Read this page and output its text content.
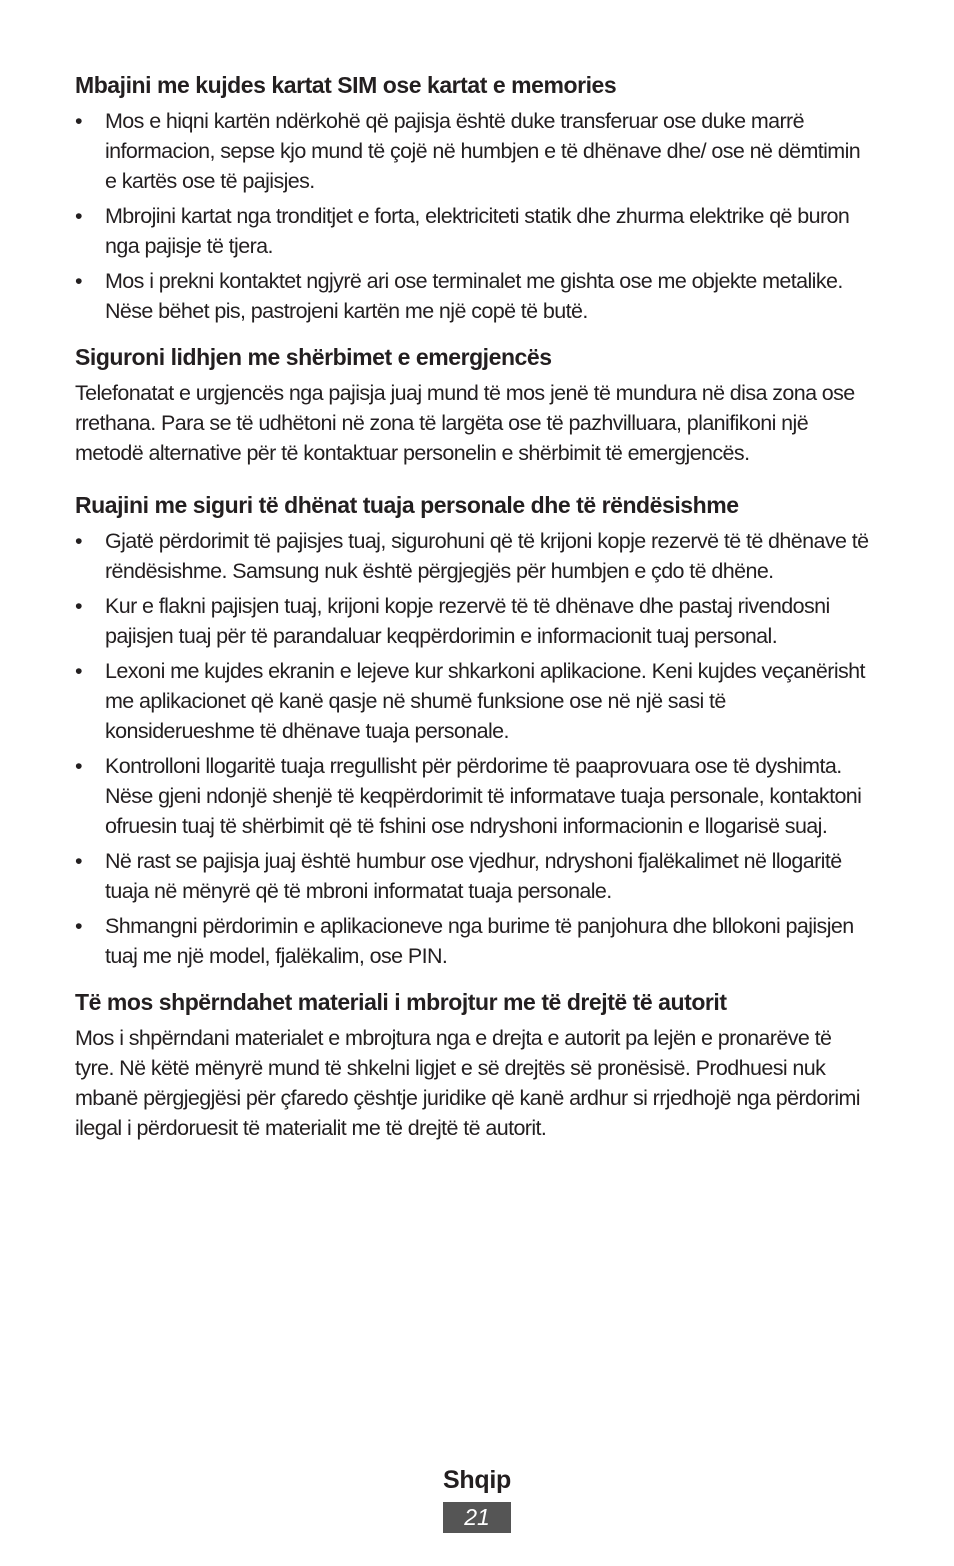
Mbajini me kujdes kartat SIM ose kartat e memories
•	Mos e hiqni kartën ndërkohë që pajisja është duke transferuar ose duke marrë informacion, sepse kjo mund të çojë në humbjen e të dhënave dhe/ ose në dëmtimin e kartës ose të pajisjes.
•	Mbrojini kartat nga tronditjet e forta, elektriciteti statik dhe zhurma elektrike që buron nga pajisje të tjera.
•	Mos i prekni kontaktet ngjyrë ari ose terminalet me gishta ose me objekte metalike. Nëse bëhet pis, pastrojeni kartën me një copë të butë.
Siguroni lidhjen me shërbimet e emergjencës

Telefonatat e urgjencës nga pajisja juaj mund të mos jenë të mundura në disa zona ose rrethana. Para se të udhëtoni në zona të largëta ose të pazhvilluara, planifikoni një metodë alternative për të kontaktuar personelin e shërbimit të emergjencës.

Ruajini me siguri të dhënat tuaja personale dhe të rëndësishme
•	Gjatë përdorimit të pajisjes tuaj, sigurohuni që të krijoni kopje rezervë të të dhënave të rëndësishme. Samsung nuk është përgjegjës për humbjen e çdo të dhëne.
•	Kur e flakni pajisjen tuaj, krijoni kopje rezervë të të dhënave dhe pastaj rivendosni pajisjen tuaj për të parandaluar keqpërdorimin e informacionit tuaj personal.
•	Lexoni me kujdes ekranin e lejeve kur shkarkoni aplikacione. Keni kujdes veçanërisht me aplikacionet që kanë qasje në shumë funksione ose në një sasi të konsiderueshme të dhënave tuaja personale.
•	Kontrolloni llogaritë tuaja rregullisht për përdorime të paaprovuara ose të dyshimta. Nëse gjeni ndonjë shenjë të keqpërdorimit të informatave tuaja personale, kontaktoni ofruesin tuaj të shërbimit që të fshini ose ndryshoni informacionin e llogarisë suaj.
•	Në rast se pajisja juaj është humbur ose vjedhur, ndryshoni fjalëkalimet në llogaritë tuaja në mënyrë që të mbroni informatat tuaja personale.
•	Shmangni përdorimin e aplikacioneve nga burime të panjohura dhe bllokoni pajisjen tuaj me një model, fjalëkalim, ose PIN.
Të mos shpërndahet materiali i mbrojtur me të drejtë të autorit

Mos i shpërndani materialet e mbrojtura nga e drejta e autorit pa lejën e pronarëve të tyre. Në këtë mënyrë mund të shkelni ligjet e së drejtës së pronësisë. Prodhuesi nuk mbanë përgjegjësi për çfaredo çështje juridike që kanë ardhur si rrjedhojë nga përdorimi ilegal i përdoruesit të materialit me të drejtë të autorit.

Shqip
21
